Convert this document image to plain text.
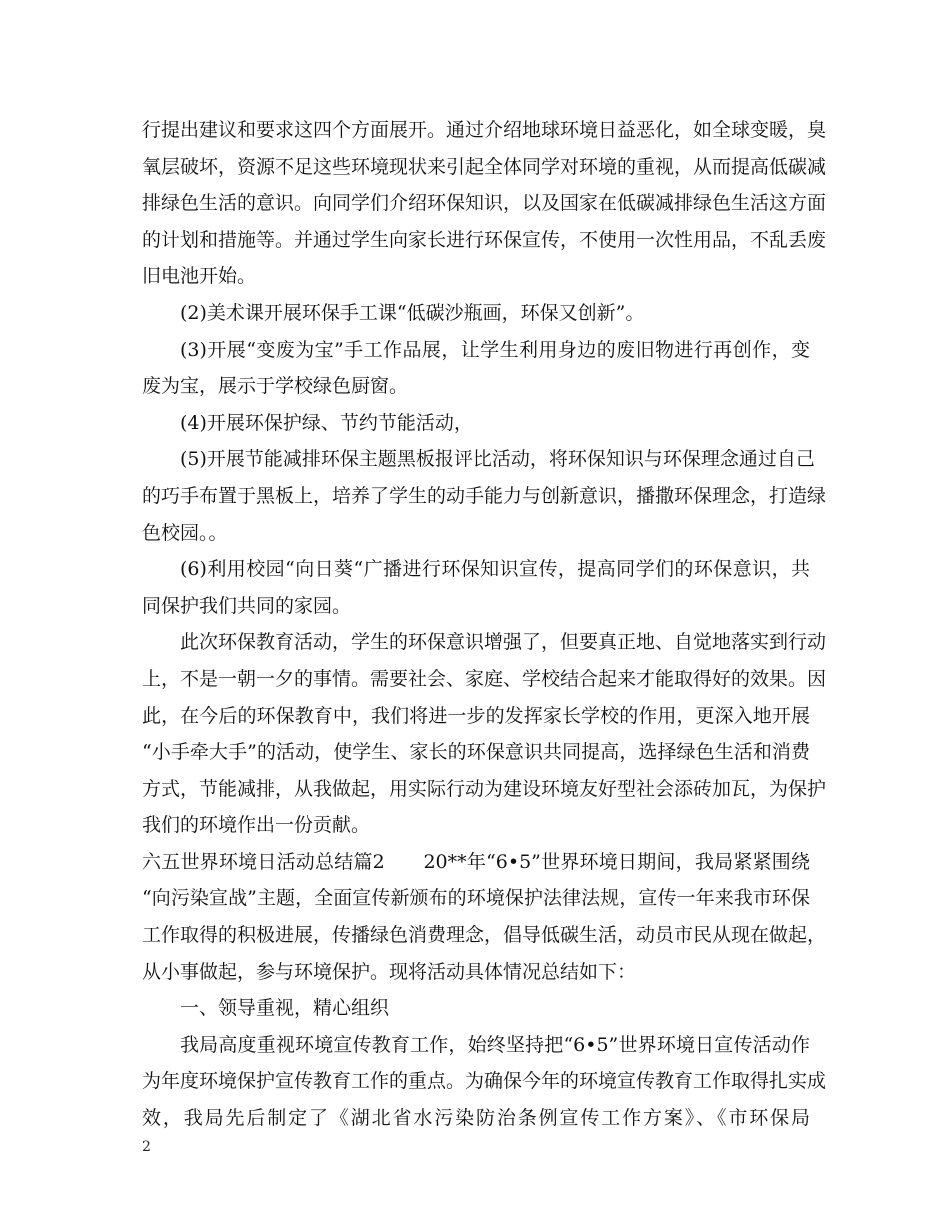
行提出建议和要求这四个方面展开。通过介绍地球环境日益恶化，如全球变暖，臭
氧层破坏，资源不足这些环境现状来引起全体同学对环境的重视，从而提高低碳减
排绿色生活的意识。向同学们介绍环保知识，以及国家在低碳减排绿色生活这方面
的计划和措施等。并通过学生向家长进行环保宣传，不使用一次性用品，不乱丢废
旧电池开始。
(2)美术课开展环保手工课“低碳沙瓶画，环保又创新”。
(3)开展“变废为宝”手工作品展，让学生利用身边的废旧物进行再创作，变
废为宝，展示于学校绿色厨窗。
(4)开展环保护绿、节约节能活动，
(5)开展节能减排环保主题黑板报评比活动，将环保知识与环保理念通过自己
的巧手布置于黑板上，培养了学生的动手能力与创新意识，播撒环保理念，打造绿
色校园。。
(6)利用校园“向日葵“广播进行环保知识宣传，提高同学们的环保意识，共
同保护我们共同的家园。
此次环保教育活动，学生的环保意识增强了，但要真正地、自觉地落实到行动
上，不是一朝一夕的事情。需要社会、家庭、学校结合起来才能取得好的效果。因
此，在今后的环保教育中，我们将进一步的发挥家长学校的作用，更深入地开展
“小手牵大手”的活动，使学生、家长的环保意识共同提高，选择绿色生活和消费
方式，节能减排，从我做起，用实际行动为建设环境友好型社会添砖加瓦，为保护
我们的环境作出一份贡献。
六五世界环境日活动总结篇2　　20**年“6•5”世界环境日期间，我局紧紧围绕
“向污染宣战”主题，全面宣传新颁布的环境保护法律法规，宣传一年来我市环保
工作取得的积极进展，传播绿色消费理念，倡导低碳生活，动员市民从现在做起，
从小事做起，参与环境保护。现将活动具体情况总结如下：
一、领导重视，精心组织
我局高度重视环境宣传教育工作，始终坚持把“6•5”世界环境日宣传活动作
为年度环境保护宣传教育工作的重点。为确保今年的环境宣传教育工作取得扎实成
效，我局先后制定了《湖北省水污染防治条例宣传工作方案》、《市环保局
2
